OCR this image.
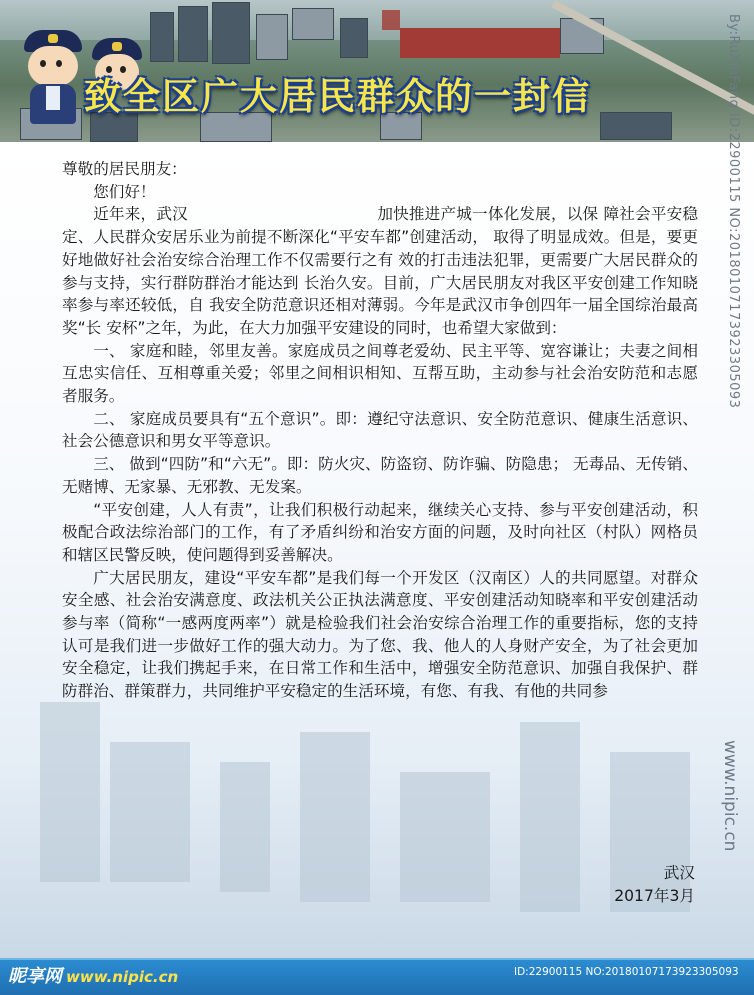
致全区广大居民群众的一封信

尊敬的居民朋友：

您们好！

近年来，武汉　　　　　　　　　　　　加快推进产城一体化发展，以保 障社会平安稳定、人民群众安居乐业为前提不断深化“平安车都”创建活动， 取得了明显成效。但是，要更好地做好社会治安综合治理工作不仅需要行之有 效的打击违法犯罪，更需要广大居民群众的参与支持，实行群防群治才能达到 长治久安。目前，广大居民朋友对我区平安创建工作知晓率参与率还较低，自 我安全防范意识还相对薄弱。今年是武汉市争创四年一届全国综治最高奖“长 安杯”之年，为此，在大力加强平安建设的同时，也希望大家做到：

一、 家庭和睦，邻里友善。家庭成员之间尊老爱幼、民主平等、宽容谦让；夫妻之间相互忠实信任、互相尊重关爱；邻里之间相识相知、互帮互助，主动参与社会治安防范和志愿者服务。

二、 家庭成员要具有“五个意识”。即：遵纪守法意识、安全防范意识、健康生活意识、社会公德意识和男女平等意识。

三、 做到“四防”和“六无”。即：防火灾、防盗窃、防诈骗、防隐患； 无毒品、无传销、无赌博、无家暴、无邪教、无发案。

“平安创建，人人有责”，让我们积极行动起来，继续关心支持、参与平安创建活动，积极配合政法综治部门的工作，有了矛盾纠纷和治安方面的问题，及时向社区（村队）网格员和辖区民警反映，使问题得到妥善解决。

广大居民朋友，建设“平安车都”是我们每一个开发区（汉南区）人的共同愿望。对群众安全感、社会治安满意度、政法机关公正执法满意度、平安创建活动知晓率和平安创建活动参与率（简称“一感两度两率”）就是检验我们社会治安综合治理工作的重要指标，您的支持认可是我们进一步做好工作的强大动力。为了您、我、他人的人身财产安全，为了社会更加安全稳定，让我们携起手来，在日常工作和生活中，增强安全防范意识、加强自我保护、群防群治、群策群力，共同维护平安稳定的生活环境，有您、有我、有他的共同参

武汉
2017年3月
By:RuXinFang ID:22900115 NO:20180107173923305093
www.nipic.cn
昵享网 www.nipic.cn	ID:22900115 NO:20180107173923305093
